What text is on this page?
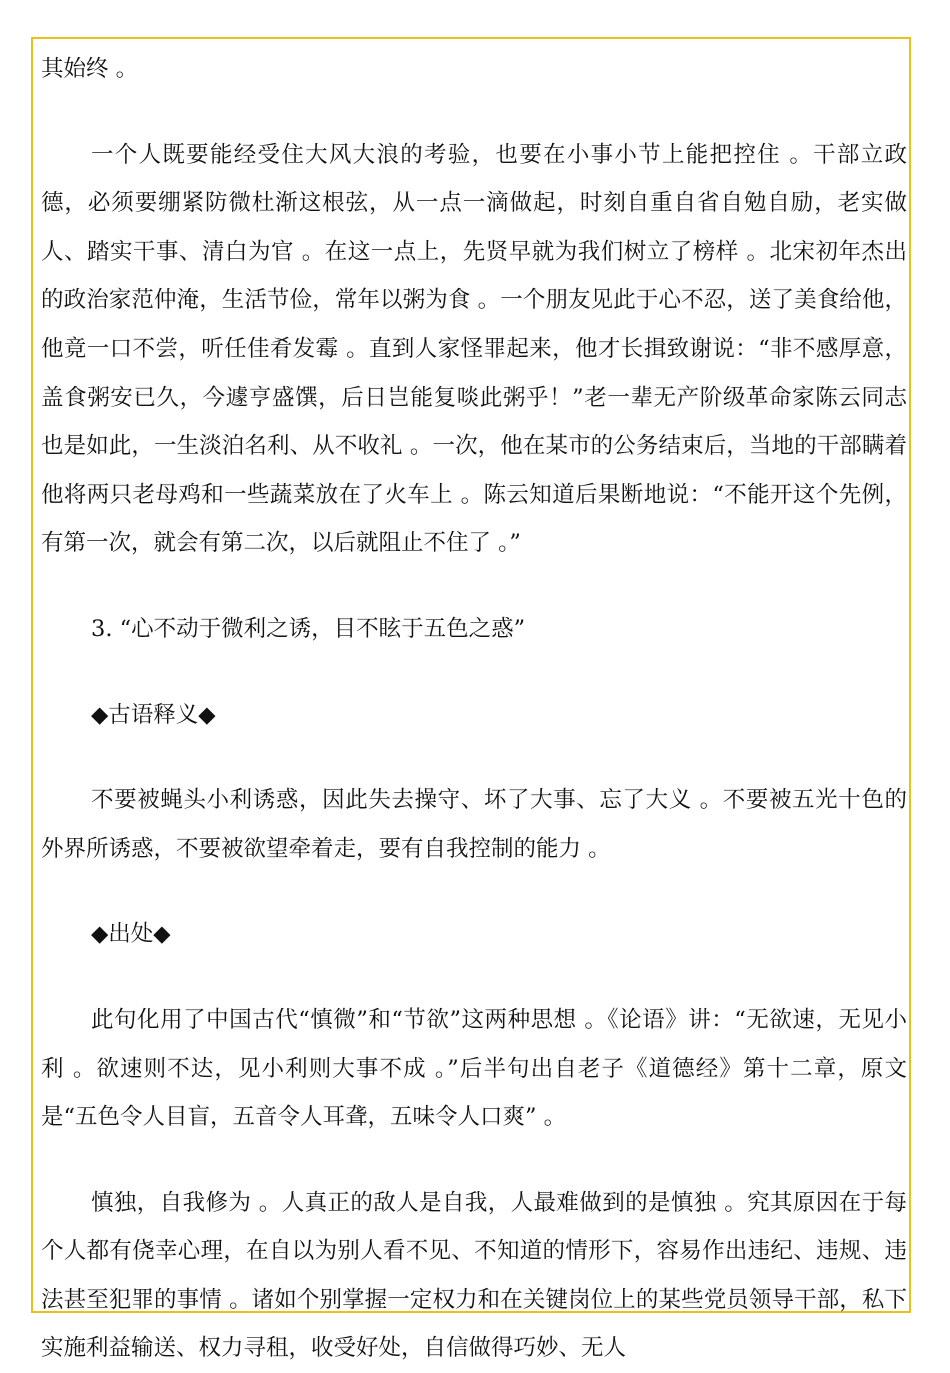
其始终 。

一个人既要能经受住大风大浪的考验，也要在小事小节上能把控住 。干部立政德，必须要绷紧防微杜渐这根弦，从一点一滴做起，时刻自重自省自勉自励，老实做人、踏实干事、清白为官 。在这一点上，先贤早就为我们树立了榜样 。北宋初年杰出的政治家范仲淹，生活节俭，常年以粥为食 。一个朋友见此于心不忍，送了美食给他，他竟一口不尝，听任佳肴发霉 。直到人家怪罪起来，他才长揖致谢说：“非不感厚意，盖食粥安已久，今遽亨盛馔，后日岂能复啖此粥乎！”老一辈无产阶级革命家陈云同志也是如此，一生淡泊名利、从不收礼 。一次，他在某市的公务结束后，当地的干部瞒着他将两只老母鸡和一些蔬菜放在了火车上 。陈云知道后果断地说：“不能开这个先例，有第一次，就会有第二次，以后就阻止不住了 。”

3. “心不动于微利之诱，目不眩于五色之惑”

◆古语释义◆

不要被蝇头小利诱惑，因此失去操守、坏了大事、忘了大义 。不要被五光十色的外界所诱惑，不要被欲望牵着走，要有自我控制的能力 。

◆出处◆

此句化用了中国古代“慎微”和“节欲”这两种思想 。《论语》讲：“无欲速，无见小利 。欲速则不达，见小利则大事不成 。”后半句出自老子《道德经》第十二章，原文是“五色令人目盲，五音令人耳聋，五味令人口爽” 。

慎独，自我修为 。人真正的敌人是自我，人最难做到的是慎独 。究其原因在于每个人都有侥幸心理，在自以为别人看不见、不知道的情形下，容易作出违纪、违规、违法甚至犯罪的事情 。诸如个别掌握一定权力和在关键岗位上的某些党员领导干部，私下实施利益输送、权力寻租，收受好处，自信做得巧妙、无人
